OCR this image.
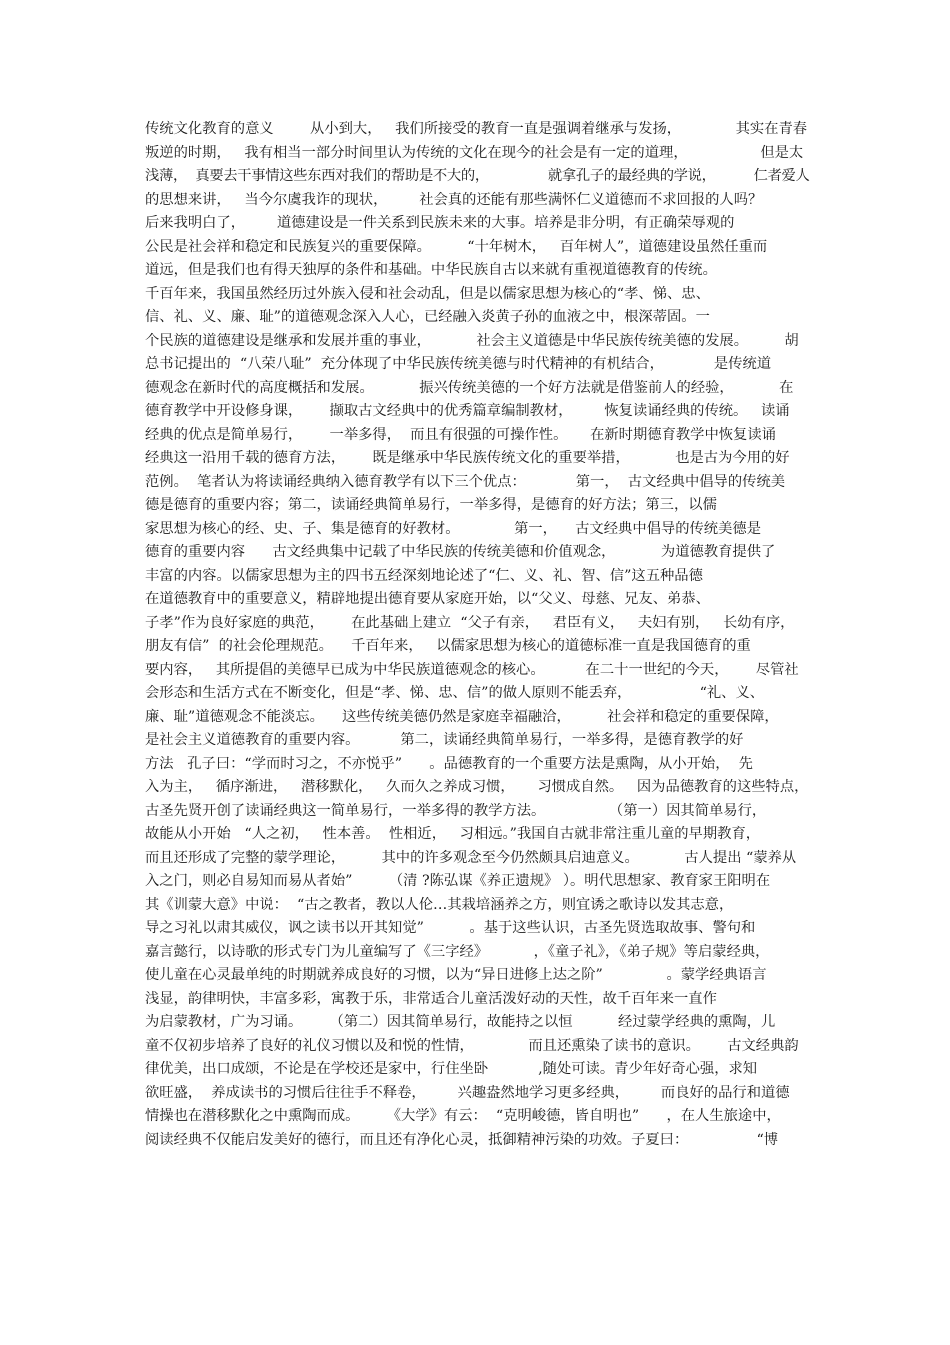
传统文化教育的意义        从小到大，   我们所接受的教育一直是强调着继承与发扬，            其实在青春
叛逆的时期，   我有相当一部分时间里认为传统的文化在现今的社会是有一定的道理，                但是太
浅薄，  真要去干事情这些东西对我们的帮助是不大的，              就拿孔子的最经典的学说，         仁者爱人
的思想来讲，   当今尔虞我诈的现状，       社会真的还能有那些满怀仁义道德而不求回报的人吗？
后来我明白了，       道德建设是一件关系到民族未来的大事。培养是非分明，有正确荣辱观的
公民是社会祥和稳定和民族复兴的重要保障。        “十年树木，   百年树人”，道德建设虽然任重而
道远，但是我们也有得天独厚的条件和基础。中华民族自古以来就有重视道德教育的传统。
千百年来，我国虽然经历过外族入侵和社会动乱，但是以儒家思想为核心的“孝、悌、忠、
信、礼、义、廉、耻”的道德观念深入人心，已经融入炎黄子孙的血液之中，根深蒂固。一
个民族的道德建设是继承和发展并重的事业，          社会主义道德是中华民族传统美德的发展。        胡
总书记提出的  “八荣八耻”  充分体现了中华民族传统美德与时代精神的有机结合，           是传统道
德观念在新时代的高度概括和发展。          振兴传统美德的一个好方法就是借鉴前人的经验，          在
德育教学中开设修身课，      撷取古文经典中的优秀篇章编制教材，       恢复读诵经典的传统。   读诵
经典的优点是简单易行，      一举多得，  而且有很强的可操作性。     在新时期德育教学中恢复读诵
经典这一沿用千载的德育方法，      既是继承中华民族传统文化的重要举措，          也是古为今用的好
范例。  笔者认为将读诵经典纳入德育教学有以下三个优点：           第一，  古文经典中倡导的传统美
德是德育的重要内容；第二，读诵经典简单易行，一举多得，是德育的好方法；第三，以儒
家思想为核心的经、史、子、集是德育的好教材。            第一，    古文经典中倡导的传统美德是
德育的重要内容      古文经典集中记载了中华民族的传统美德和价值观念，          为道德教育提供了
丰富的内容。以儒家思想为主的四书五经深刻地论述了“仁、义、礼、智、信”这五种品德
在道德教育中的重要意义，精辟地提出德育要从家庭开始，以“父义、母慈、兄友、弟恭、
子孝”作为良好家庭的典范，      在此基础上建立  “父子有亲，   君臣有义，   夫妇有别，   长幼有序，
朋友有信”  的社会伦理规范。    千百年来，   以儒家思想为核心的道德标准一直是我国德育的重
要内容，   其所提倡的美德早已成为中华民族道德观念的核心。         在二十一世纪的今天，      尽管社
会形态和生活方式在不断变化，但是“孝、悌、忠、信”的做人原则不能丢弃，               “礼、义、
廉、耻”道德观念不能淡忘。    这些传统美德仍然是家庭幸福融洽，        社会祥和稳定的重要保障，
是社会主义道德教育的重要内容。         第二，读诵经典简单易行，一举多得，是德育教学的好
方法   孔子曰：“学而时习之，不亦悦乎”      。品德教育的一个重要方法是熏陶，从小开始，  先
入为主，   循序渐进，   潜移默化，   久而久之养成习惯，     习惯成自然。   因为品德教育的这些特点，
古圣先贤开创了读诵经典这一简单易行，一举多得的教学方法。              （第一）因其简单易行，
故能从小开始   “人之初，   性本善。  性相近，   习相远。”我国自古就非常注重儿童的早期教育，
而且还形成了完整的蒙学理论，        其中的许多观念至今仍然颇具启迪意义。          古人提出 “蒙养从
入之门，则必自易知而易从者始”        （清 ?陈弘谋《养正遗规》 ）。明代思想家、教育家王阳明在
其《训蒙大意》中说：  “古之教者，教以人伦…其栽培涵养之方，则宜诱之歌诗以发其志意，
导之习礼以肃其威仪，讽之读书以开其知觉”          。基于这些认识，古圣先贤选取故事、警句和
嘉言懿行，以诗歌的形式专门为儿童编写了《三字经》          ，《童子礼》，《弟子规》等启蒙经典，
使儿童在心灵最单纯的时期就养成良好的习惯，以为“异日进修上达之阶”              。蒙学经典语言
浅显，韵律明快，丰富多彩，寓教于乐，非常适合儿童活泼好动的天性，故千百年来一直作
为启蒙教材，广为习诵。      （第二）因其简单易行，故能持之以恒          经过蒙学经典的熏陶，儿
童不仅初步培养了良好的礼仪习惯以及和悦的性情，            而且还熏染了读书的意识。      古文经典韵
律优美，出口成颂，不论是在学校还是家中，行住坐卧           ,随处可读。青少年好奇心强，求知
欲旺盛，  养成读书的习惯后往往手不释卷，       兴趣盎然地学习更多经典，       而良好的品行和道德
情操也在潜移默化之中熏陶而成。      《大学》有云：  “克明峻德，皆自明也”      ，在人生旅途中，
阅读经典不仅能启发美好的德行，而且还有净化心灵，抵御精神污染的功效。子夏曰：               “博
